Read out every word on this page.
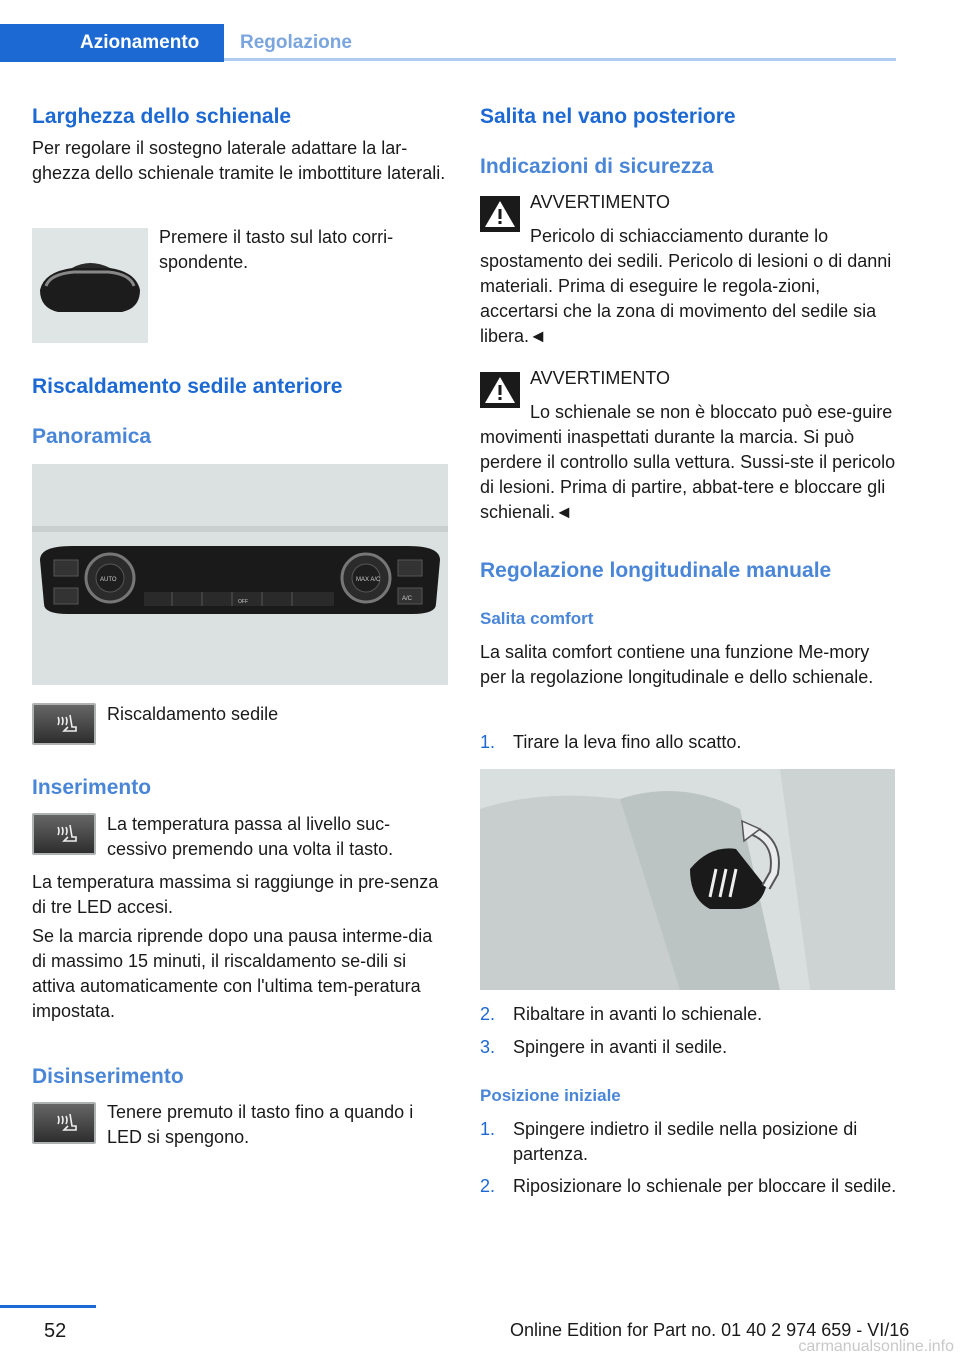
Azionamento	Regolazione
Larghezza dello schienale

Per regolare il sostegno laterale adattare la lar-ghezza dello schienale tramite le imbottiture laterali.

Premere il tasto sul lato corri-spondente.

Riscaldamento sedile anteriore
Panoramica
AUTO	MAX A/C
A/C
OFF

Riscaldamento sedile

Inserimento

La temperatura passa al livello suc-cessivo premendo una volta il tasto.

La temperatura massima si raggiunge in pre-senza di tre LED accesi.

Se la marcia riprende dopo una pausa interme-dia di massimo 15 minuti, il riscaldamento se-dili si attiva automaticamente con l'ultima tem-peratura impostata.

Disinserimento

Tenere premuto il tasto fino a quando i LED si spengono.

Salita nel vano posteriore
Indicazioni di sicurezza

AVVERTIMENTO

Pericolo di schiacciamento durante lo spostamento dei sedili. Pericolo di lesioni o di danni materiali. Prima di eseguire le regola-zioni, accertarsi che la zona di movimento del sedile sia libera.◄

AVVERTIMENTO

Lo schienale se non è bloccato può ese-guire movimenti inaspettati durante la marcia. Si può perdere il controllo sulla vettura. Sussi-ste il pericolo di lesioni. Prima di partire, abbat-tere e bloccare gli schienali.◄

Regolazione longitudinale manuale
Salita comfort

La salita comfort contiene una funzione Me-mory per la regolazione longitudinale e dello schienale.

1. Tirare la leva fino allo scatto.
2. Ribaltare in avanti lo schienale.
3. Spingere in avanti il sedile.
Posizione iniziale
1. Spingere indietro il sedile nella posizione di partenza.
2. Riposizionare lo schienale per bloccare il sedile.
52	Online Edition for Part no. 01 40 2 974 659 - VI/16
carmanualsonline.info
